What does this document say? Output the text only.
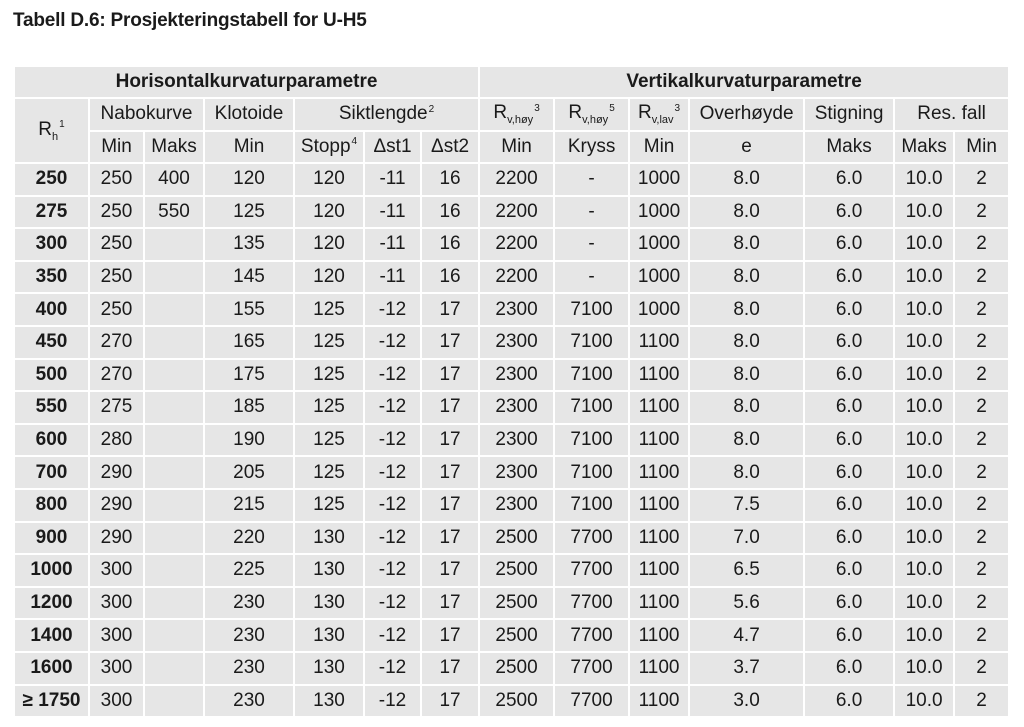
Tabell D.6: Prosjekteringstabell for U-H5
Horisontalkurvaturparametre							Vertikalkurvaturparametre						
$R_h^1$	Nabokurve		Klotoide	Siktlengde$^2$			$R_{v,høy}^3$	$R_{v,høy}^5$	$R_{v,lav}^3$	Overhøyde	Stigning	Res. fall	
	Min	Maks	Min	Stopp$^4$	Δst1	Δst2	Min	Kryss	Min	e	Maks	Maks	Min
250	250	400	120	120	-11	16	2200	-	1000	8.0	6.0	10.0	2
275	250	550	125	120	-11	16	2200	-	1000	8.0	6.0	10.0	2
300	250		135	120	-11	16	2200	-	1000	8.0	6.0	10.0	2
350	250		145	120	-11	16	2200	-	1000	8.0	6.0	10.0	2
400	250		155	125	-12	17	2300	7100	1000	8.0	6.0	10.0	2
450	270		165	125	-12	17	2300	7100	1100	8.0	6.0	10.0	2
500	270		175	125	-12	17	2300	7100	1100	8.0	6.0	10.0	2
550	275		185	125	-12	17	2300	7100	1100	8.0	6.0	10.0	2
600	280		190	125	-12	17	2300	7100	1100	8.0	6.0	10.0	2
700	290		205	125	-12	17	2300	7100	1100	8.0	6.0	10.0	2
800	290		215	125	-12	17	2300	7100	1100	7.5	6.0	10.0	2
900	290		220	130	-12	17	2500	7700	1100	7.0	6.0	10.0	2
1000	300		225	130	-12	17	2500	7700	1100	6.5	6.0	10.0	2
1200	300		230	130	-12	17	2500	7700	1100	5.6	6.0	10.0	2
1400	300		230	130	-12	17	2500	7700	1100	4.7	6.0	10.0	2
1600	300		230	130	-12	17	2500	7700	1100	3.7	6.0	10.0	2
≥ 1750	300		230	130	-12	17	2500	7700	1100	3.0	6.0	10.0	2
